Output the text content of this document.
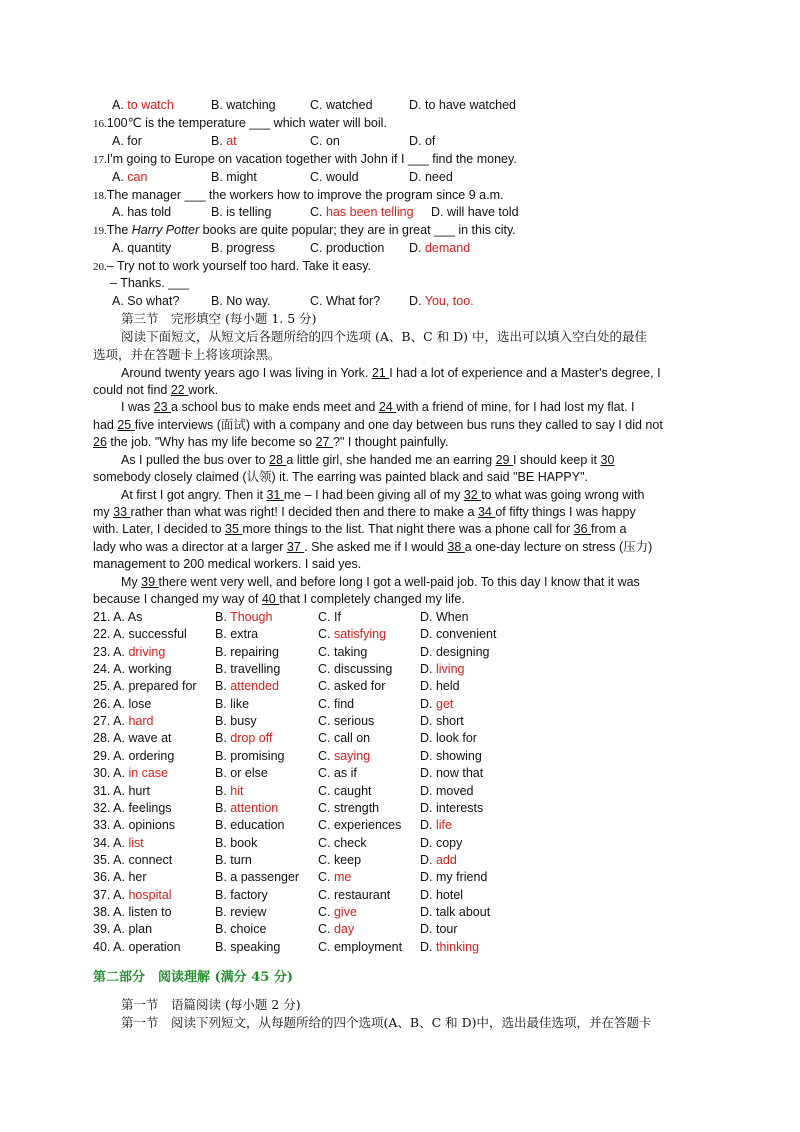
A. to watch	B. watching	C. watched	D. to have watched
16.100℃ is the temperature ___ which water will boil.
A. for	B. at	C. on	D. of
17.I'm going to Europe on vacation together with John if I ___ find the money.
A. can	B. might	C. would	D. need
18.The manager ___ the workers how to improve the program since 9 a.m.
A. has told	B. is telling	C. has been telling D. will have told
19.The Harry Potter books are quite popular; they are in great ___ in this city.
A. quantity	B. progress	C. production D. demand
20.– Try not to work yourself too hard. Take it easy.
– Thanks. ___
A. So what?	B. No way.	C. What for? D. You, too.
第三节　完形填空 (每小题 1. 5 分)
阅读下面短文，从短文后各题所给的四个选项 (A、B、C 和 D) 中，选出可以填入空白处的最佳
选项，并在答题卡上将该项涂黑。
Around twenty years ago I was living in York. 21 I had a lot of experience and a Master's degree, I
could not find 22 work.
I was 23 a school bus to make ends meet and 24 with a friend of mine, for I had lost my flat. I
had 25 five interviews (面试) with a company and one day between bus runs they called to say I did not
26 the job. "Why has my life become so 27 ?" I thought painfully.
As I pulled the bus over to 28 a little girl, she handed me an earring 29 I should keep it 30
somebody closely claimed (认领) it. The earring was painted black and said "BE HAPPY".
At first I got angry. Then it 31 me – I had been giving all of my 32 to what was going wrong with
my 33 rather than what was right! I decided then and there to make a 34 of fifty things I was happy
with. Later, I decided to 35 more things to the list. That night there was a phone call for 36 from a
lady who was a director at a larger 37 . She asked me if I would 38 a one-day lecture on stress (压力)
management to 200 medical workers. I said yes.
My 39 there went very well, and before long I got a well-paid job. To this day I know that it was
because I changed my way of 40 that I completely changed my life.
21. A. As	B. Though	C. If	D. When
22. A. successful B. extra	C. satisfying	D. convenient
23. A. driving	B. repairing	C. taking	D. designing
24. A. working	B. travelling	C. discussing D. living
25. A. prepared for B. attended	C. asked for	D. held
26. A. lose	B. like	C. find	D. get
27. A. hard	B. busy	C. serious	D. short
28. A. wave at	B. drop off	C. call on	D. look for
29. A. ordering	B. promising	C. saying	D. showing
30. A. in case	B. or else	C. as if	D. now that
31. A. hurt	B. hit	C. caught	D. moved
32. A. feelings	B. attention	C. strength	D. interests
33. A. opinions	B. education	C. experiences D. life
34. A. list	B. book	C. check	D. copy
35. A. connect	B. turn	C. keep	D. add
36. A. her	B. a passenger C. me	D. my friend
37. A. hospital	B. factory	C. restaurant D. hotel
38. A. listen to	B. review	C. give	D. talk about
39. A. plan	B. choice	C. day	D. tour
40. A. operation	B. speaking	C. employment D. thinking
第二部分　阅读理解 (满分 45 分)
第一节　语篇阅读 (每小题 2 分)
第一节　阅读下列短文，从每题所给的四个选项(A、B、C 和 D)中，选出最佳选项，并在答题卡
